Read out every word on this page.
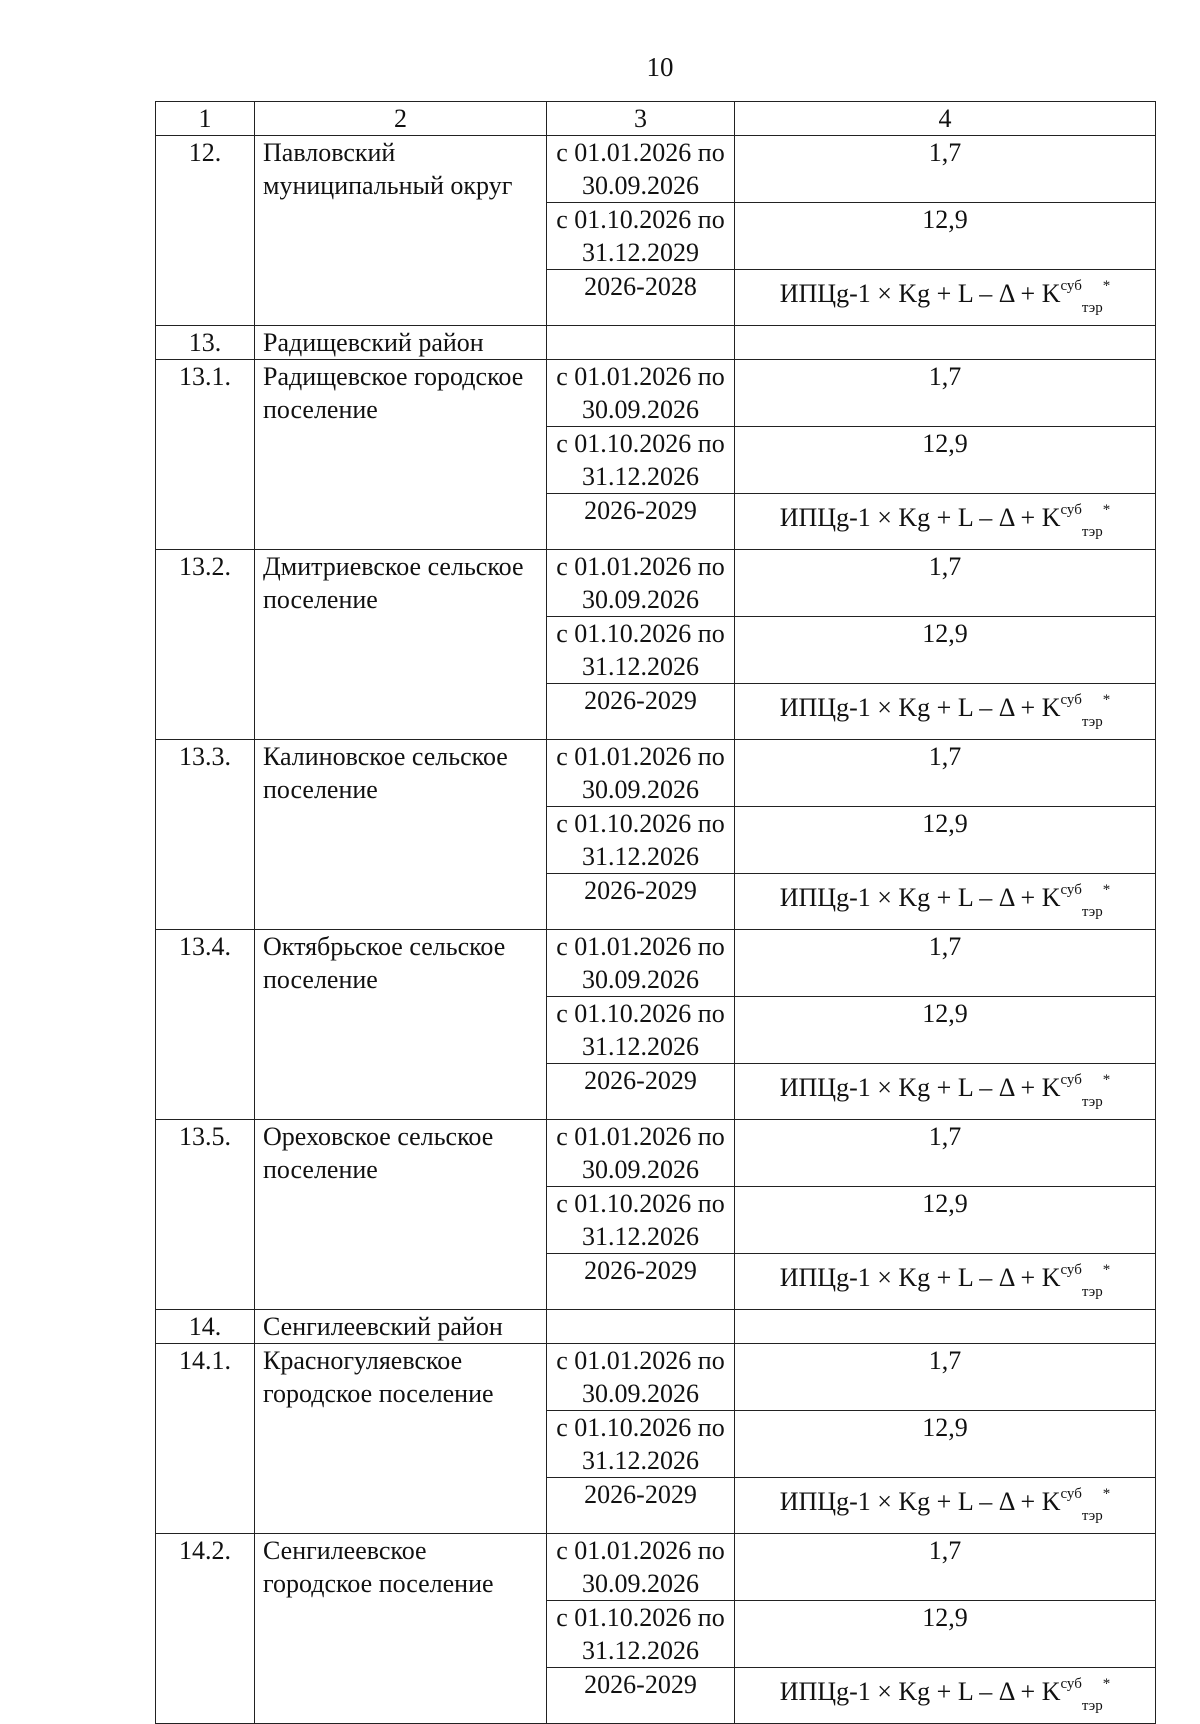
10
1	2	3	4
12.	Павловский муниципальный округ	с 01.01.2026 по 30.09.2026	1,7
		с 01.10.2026 по 31.12.2029	12,9
		2026-2028	ИПЦg-1 × $Kg + L - \Delta + K^{суб}_{тэр}^*$
13.	Радищевский район		
13.1.	Радищевское городское поселение	с 01.01.2026 по 30.09.2026	1,7
		с 01.10.2026 по 31.12.2026	12,9
		2026-2029	ИПЦg-1 × $Kg + L - \Delta + K^{суб}_{тэр}^*$
13.2.	Дмитриевское сельское поселение	с 01.01.2026 по 30.09.2026	1,7
		с 01.10.2026 по 31.12.2026	12,9
		2026-2029	ИПЦg-1 × $Kg + L - \Delta + K^{суб}_{тэр}^*$
13.3.	Калиновское сельское поселение	с 01.01.2026 по 30.09.2026	1,7
		с 01.10.2026 по 31.12.2026	12,9
		2026-2029	ИПЦg-1 × $Kg + L - \Delta + K^{суб}_{тэр}^*$
13.4.	Октябрьское сельское поселение	с 01.01.2026 по 30.09.2026	1,7
		с 01.10.2026 по 31.12.2026	12,9
		2026-2029	ИПЦg-1 × $Kg + L - \Delta + K^{суб}_{тэр}^*$
13.5.	Ореховское сельское поселение	с 01.01.2026 по 30.09.2026	1,7
		с 01.10.2026 по 31.12.2026	12,9
		2026-2029	ИПЦg-1 × $Kg + L - \Delta + K^{суб}_{тэр}^*$
14.	Сенгилеевский район		
14.1.	Красногуляевское городское поселение	с 01.01.2026 по 30.09.2026	1,7
		с 01.10.2026 по 31.12.2026	12,9
		2026-2029	ИПЦg-1 × $Kg + L - \Delta + K^{суб}_{тэр}^*$
14.2.	Сенгилеевское городское поселение	с 01.01.2026 по 30.09.2026	1,7
		с 01.10.2026 по 31.12.2026	12,9
		2026-2029	ИПЦg-1 × $Kg + L - \Delta + K^{суб}_{тэр}^*$
